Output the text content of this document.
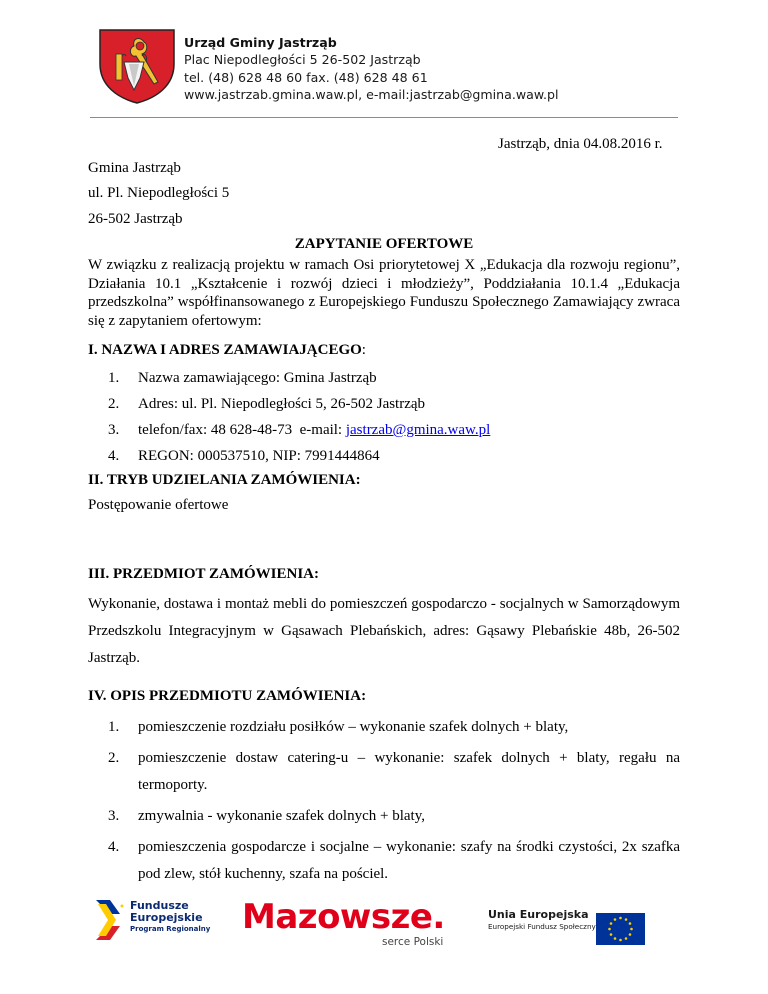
Urząd Gminy Jastrząb
Plac Niepodległości 5 26-502 Jastrząb
tel. (48) 628 48 60 fax. (48) 628 48 61
www.jastrzab.gmina.waw.pl, e-mail:jastrzab@gmina.waw.pl
Jastrząb, dnia 04.08.2016 r.
Gmina Jastrząb
ul. Pl. Niepodległości 5
26-502 Jastrząb
ZAPYTANIE OFERTOWE
W związku z realizacją projektu w ramach Osi priorytetowej X „Edukacja dla rozwoju regionu”, Działania 10.1 „Kształcenie i rozwój dzieci i młodzieży”, Poddziałania 10.1.4 „Edukacja przedszkolna” współfinansowanego z Europejskiego Funduszu Społecznego Zamawiający zwraca się z zapytaniem ofertowym:
I. NAZWA I ADRES ZAMAWIAJĄCEGO:
1. Nazwa zamawiającego: Gmina Jastrząb
2. Adres: ul. Pl. Niepodległości 5, 26-502 Jastrząb
3. telefon/fax: 48 628-48-73  e-mail: jastrzab@gmina.waw.pl
4. REGON: 000537510, NIP: 7991444864
II. TRYB UDZIELANIA ZAMÓWIENIA:
Postępowanie ofertowe
III. PRZEDMIOT ZAMÓWIENIA:
Wykonanie, dostawa i montaż mebli do pomieszczeń gospodarczo - socjalnych w Samorządowym Przedszkolu Integracyjnym w Gąsawach Plebańskich, adres: Gąsawy Plebańskie 48b, 26-502 Jastrząb.
IV. OPIS PRZEDMIOTU ZAMÓWIENIA:
1. pomieszczenie rozdziału posiłków – wykonanie szafek dolnych + blaty,
2. pomieszczenie dostaw catering-u – wykonanie: szafek dolnych + blaty, regału na termoporty.
3. zmywalnia - wykonanie szafek dolnych + blaty,
4. pomieszczenia gospodarcze i socjalne – wykonanie: szafy na środki czystości, 2x szafka pod zlew, stół kuchenny, szafa na pościel.
Fundusze
Europejskie
Program Regionalny Mazowsze.
serce Polski
Unia Europejska
Europejski Fundusz Społeczny
